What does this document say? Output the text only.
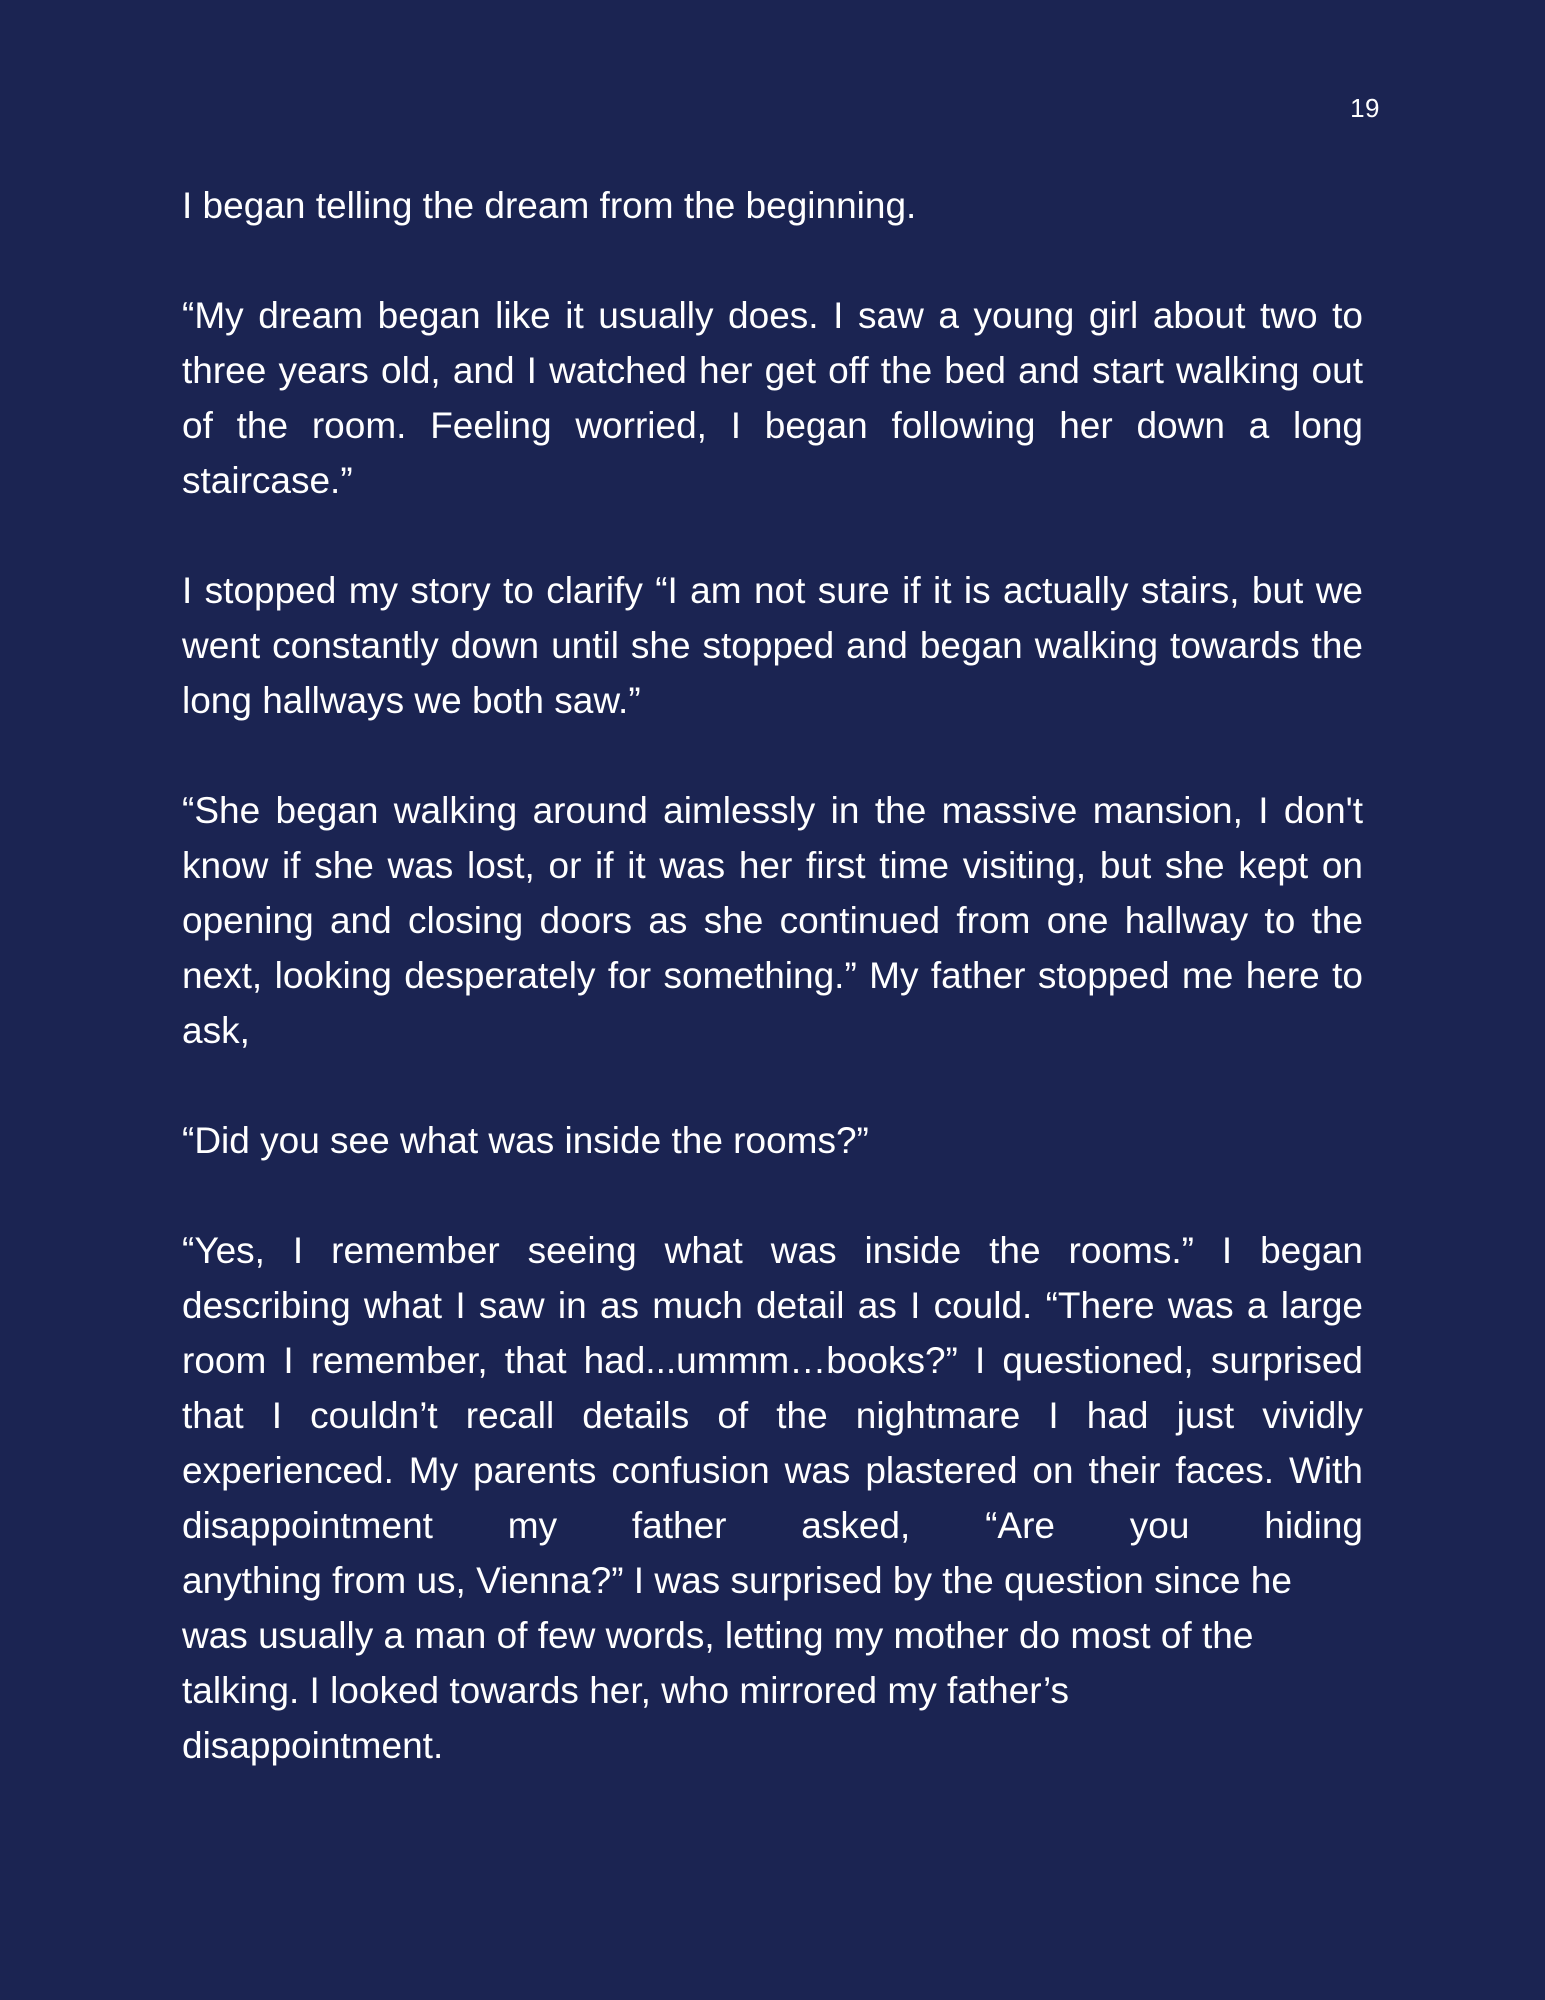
19

I began telling the dream from the beginning.

“My dream began like it usually does. I saw a young girl about two to three years old, and I watched her get off the bed and start walking out of the room. Feeling worried, I began following her down a long staircase.”

I stopped my story to clarify “I am not sure if it is actually stairs, but we went constantly down until she stopped and began walking towards the long hallways we both saw.”

“She began walking around aimlessly in the massive mansion, I don't know if she was lost, or if it was her first time visiting, but she kept on opening and closing doors as she continued from one hallway to the next, looking desperately for something.” My father stopped me here to ask,

“Did you see what was inside the rooms?”

“Yes, I remember seeing what was inside the rooms.” I began describing what I saw in as much detail as I could. “There was a large room I remember, that had...ummm…books?” I questioned, surprised that I couldn’t recall details of the nightmare I had just vividly experienced. My parents confusion was plastered on their faces. With disappointment my father asked, “Are you hiding
anything from us, Vienna?” I was surprised by the question since he
was usually a man of few words, letting my mother do most of the
talking. I looked towards her, who mirrored my father’s
disappointment.
